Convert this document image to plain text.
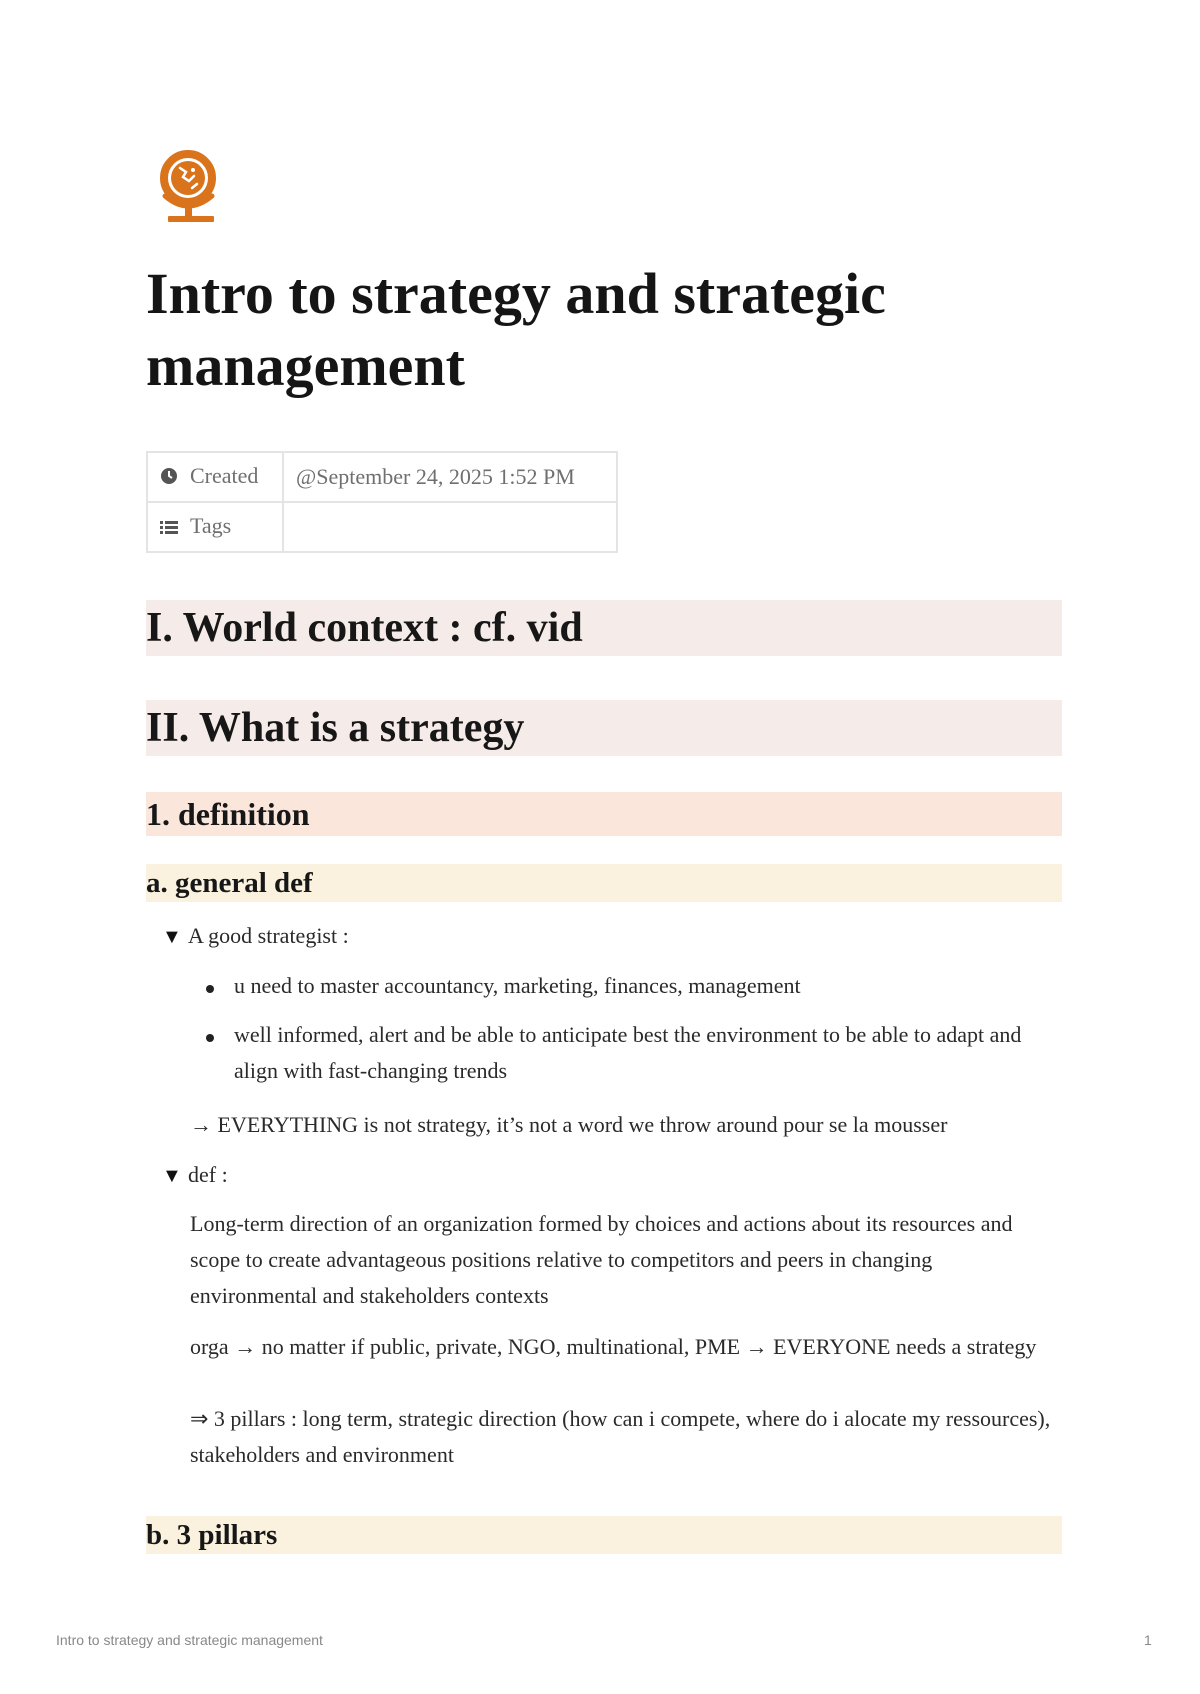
Intro to strategy and strategic management
Created	@September 24, 2025 1:52 PM
Tags	
I. World context : cf. vid
II. What is a strategy
1. definition
a. general def
▼ A good strategist :
u need to master accountancy, marketing, finances, management
well informed, alert and be able to anticipate best the environment to be able to adapt and align with fast-changing trends
→ EVERYTHING is not strategy, it’s not a word we throw around pour se la mousser
▼ def :
Long-term direction of an organization formed by choices and actions about its resources and scope to create advantageous positions relative to competitors and peers in changing environmental and stakeholders contexts
orga → no matter if public, private, NGO, multinational, PME → EVERYONE needs a strategy
⇒ 3 pillars : long term, strategic direction (how can i compete, where do i alocate my ressources), stakeholders and environment
b. 3 pillars
Intro to strategy and strategic management	1
